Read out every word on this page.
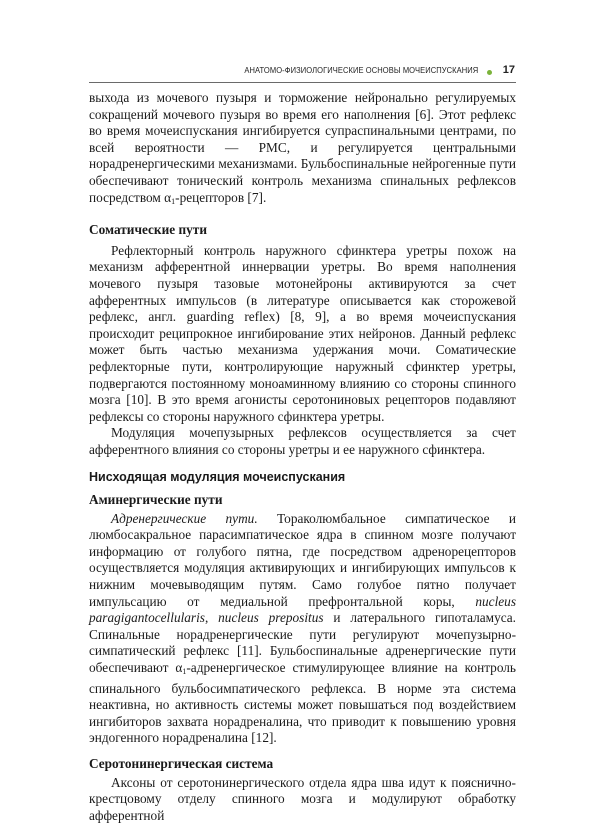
АНАТОМО-ФИЗИОЛОГИЧЕСКИЕ ОСНОВЫ МОЧЕИСПУСКАНИЯ 17

выхода из мочевого пузыря и торможение нейронально регулируемых сокращений мочевого пузыря во время его наполнения [6]. Этот рефлекс во время мочеиспускания ингибируется супраспинальными центрами, по всей вероятности — PMC, и регулируется центральными норадренергическими механизмами. Бульбоспинальные нейрогенные пути обеспечивают тонический контроль механизма спинальных рефлексов посредством $\alpha_1$-рецепторов [7].

Соматические пути

Рефлекторный контроль наружного сфинктера уретры похож на механизм афферентной иннервации уретры. Во время наполнения мочевого пузыря тазовые мотонейроны активируются за счет афферентных импульсов (в литературе описывается как сторожевой рефлекс, англ. guarding reflex) [8, 9], а во время мочеиспускания происходит реципрокное ингибирование этих нейронов. Данный рефлекс может быть частью механизма удержания мочи. Соматические рефлекторные пути, контролирующие наружный сфинктер уретры, подвергаются постоянному моноаминному влиянию со стороны спинного мозга [10]. В это время агонисты серотониновых рецепторов подавляют рефлексы со стороны наружного сфинктера уретры.

Модуляция мочепузырных рефлексов осуществляется за счет афферентного влияния со стороны уретры и ее наружного сфинктера.

Нисходящая модуляция мочеиспускания
Аминергические пути

Адренергические пути. Тораколюмбальное симпатическое и люмбосакральное парасимпатическое ядра в спинном мозге получают информацию от голубого пятна, где посредством адренорецепторов осуществляется модуляция активирующих и ингибирующих импульсов к нижним мочевыводящим путям. Само голубое пятно получает импульсацию от медиальной префронтальной коры, nucleus paragigantocellularis, nucleus prepositus и латерального гипоталамуса. Спинальные норадренергические пути регулируют мочепузырно-симпатический рефлекс [11]. Бульбоспинальные адренергические пути обеспечивают $\alpha_1$-адренергическое стимулирующее влияние на контроль спинального бульбосимпатического рефлекса. В норме эта система неактивна, но активность системы может повышаться под воздействием ингибиторов захвата норадреналина, что приводит к повышению уровня эндогенного норадреналина [12].

Серотонинергическая система

Аксоны от серотонинергического отдела ядра шва идут к пояснично-крестцовому отделу спинного мозга и модулируют обработку афферентной
